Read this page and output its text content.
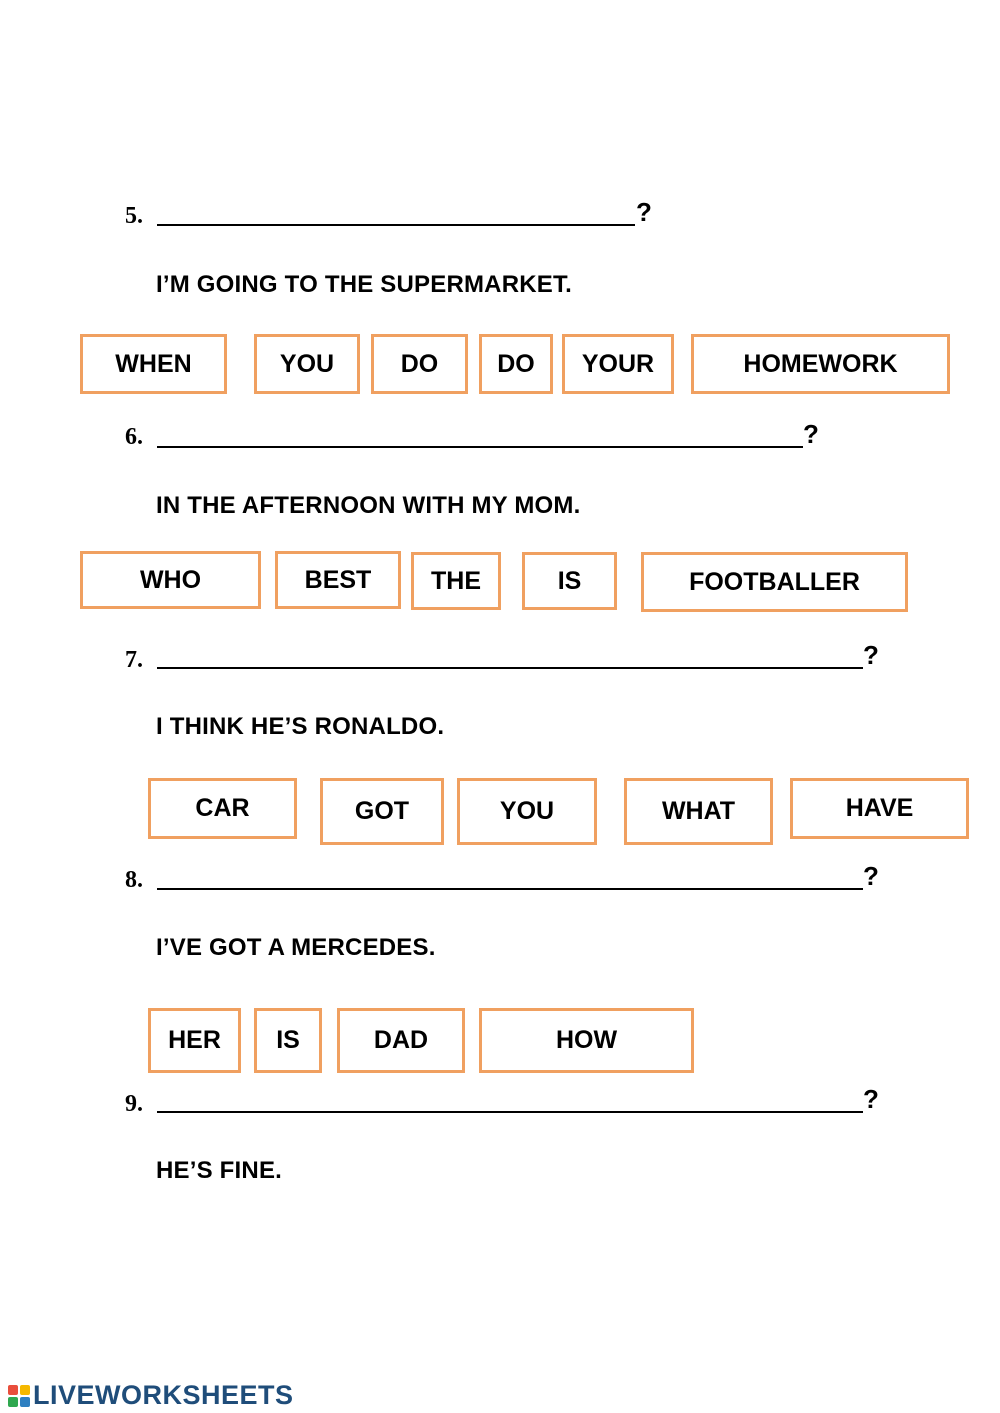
5.	?
I’M GOING TO THE SUPERMARKET.
WHEN	YOU	DO	DO	YOUR	HOMEWORK
6.	?
IN THE AFTERNOON WITH MY MOM.
WHO	BEST	THE	IS	FOOTBALLER
7.	?
I THINK HE’S RONALDO.
CAR	GOT	YOU	WHAT	HAVE
8.	?
I’VE GOT A MERCEDES.
HER	IS	DAD	HOW
9.	?
HE’S FINE.
LIVEWORKSHEETS
